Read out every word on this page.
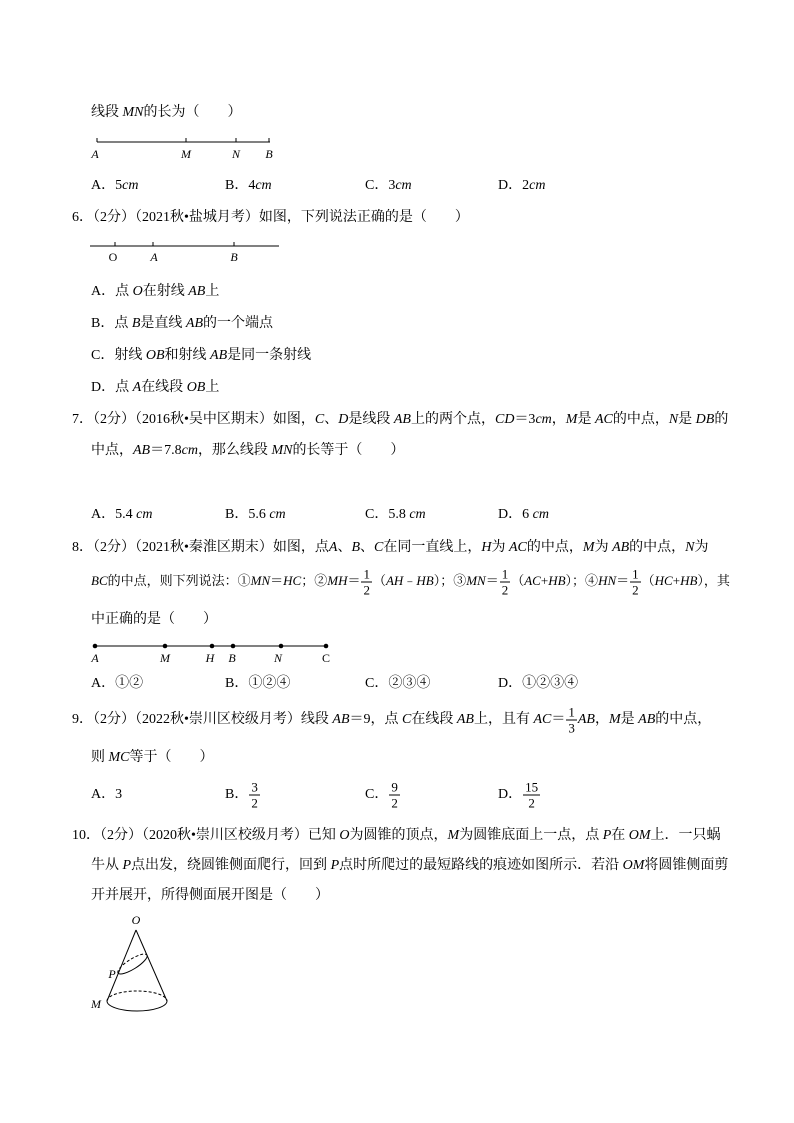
线段 MN的长为（　　）
A	M	N B
A．5cm	B．4cm	C．3cm	D．2cm
6．（2分）（2021秋•盐城月考）如图，下列说法正确的是（　　）
O	A	B
A．点 O在射线 AB上
B．点 B是直线 AB的一个端点
C．射线 OB和射线 AB是同一条射线
D．点 A在线段 OB上
7．（2分）（2016秋•吴中区期末）如图，C、D是线段 AB上的两个点，CD＝3cm，M是 AC的中点，N是 DB的
中点，AB＝7.8cm，那么线段 MN的长等于（　　）
A．5.4 cm	B．5.6 cm	C．5.8 cm	D．6 cm
8．（2分）（2021秋•秦淮区期末）如图，点A、B、C在同一直线上，H为 AC的中点，M为 AB的中点，N为
BC的中点，则下列说法：①MN＝HC；②MH＝ $\frac{1}{2}$ （AH﹣HB）；③MN＝ $\frac{1}{2} (AC+HB)$；④HN＝ $\frac{1}{2} (HC+HB)$，其
中正确的是（　　）
A	M	H B	N	C
A．①②	B．①②④	C．②③④	D．①②③④
9．（2分）（2022秋•崇川区校级月考）线段 AB＝9，点 C在线段 AB上，且有 $AC= \frac{1}{3}$ AB，M是 AB的中点，
则 MC等于（　　）
A．3	B． $\frac{3}{2}$	C． $\frac{9}{2}$	D． $\frac{15}{2}$
10．（2分）（2020秋•崇川区校级月考）已知 O为圆锥的顶点，M为圆锥底面上一点，点 P在 OM上．一只蜗
牛从 P点出发，绕圆锥侧面爬行，回到 P点时所爬过的最短路线的痕迹如图所示．若沿 OM将圆锥侧面剪
开并展开，所得侧面展开图是（　　）
O
P
M
